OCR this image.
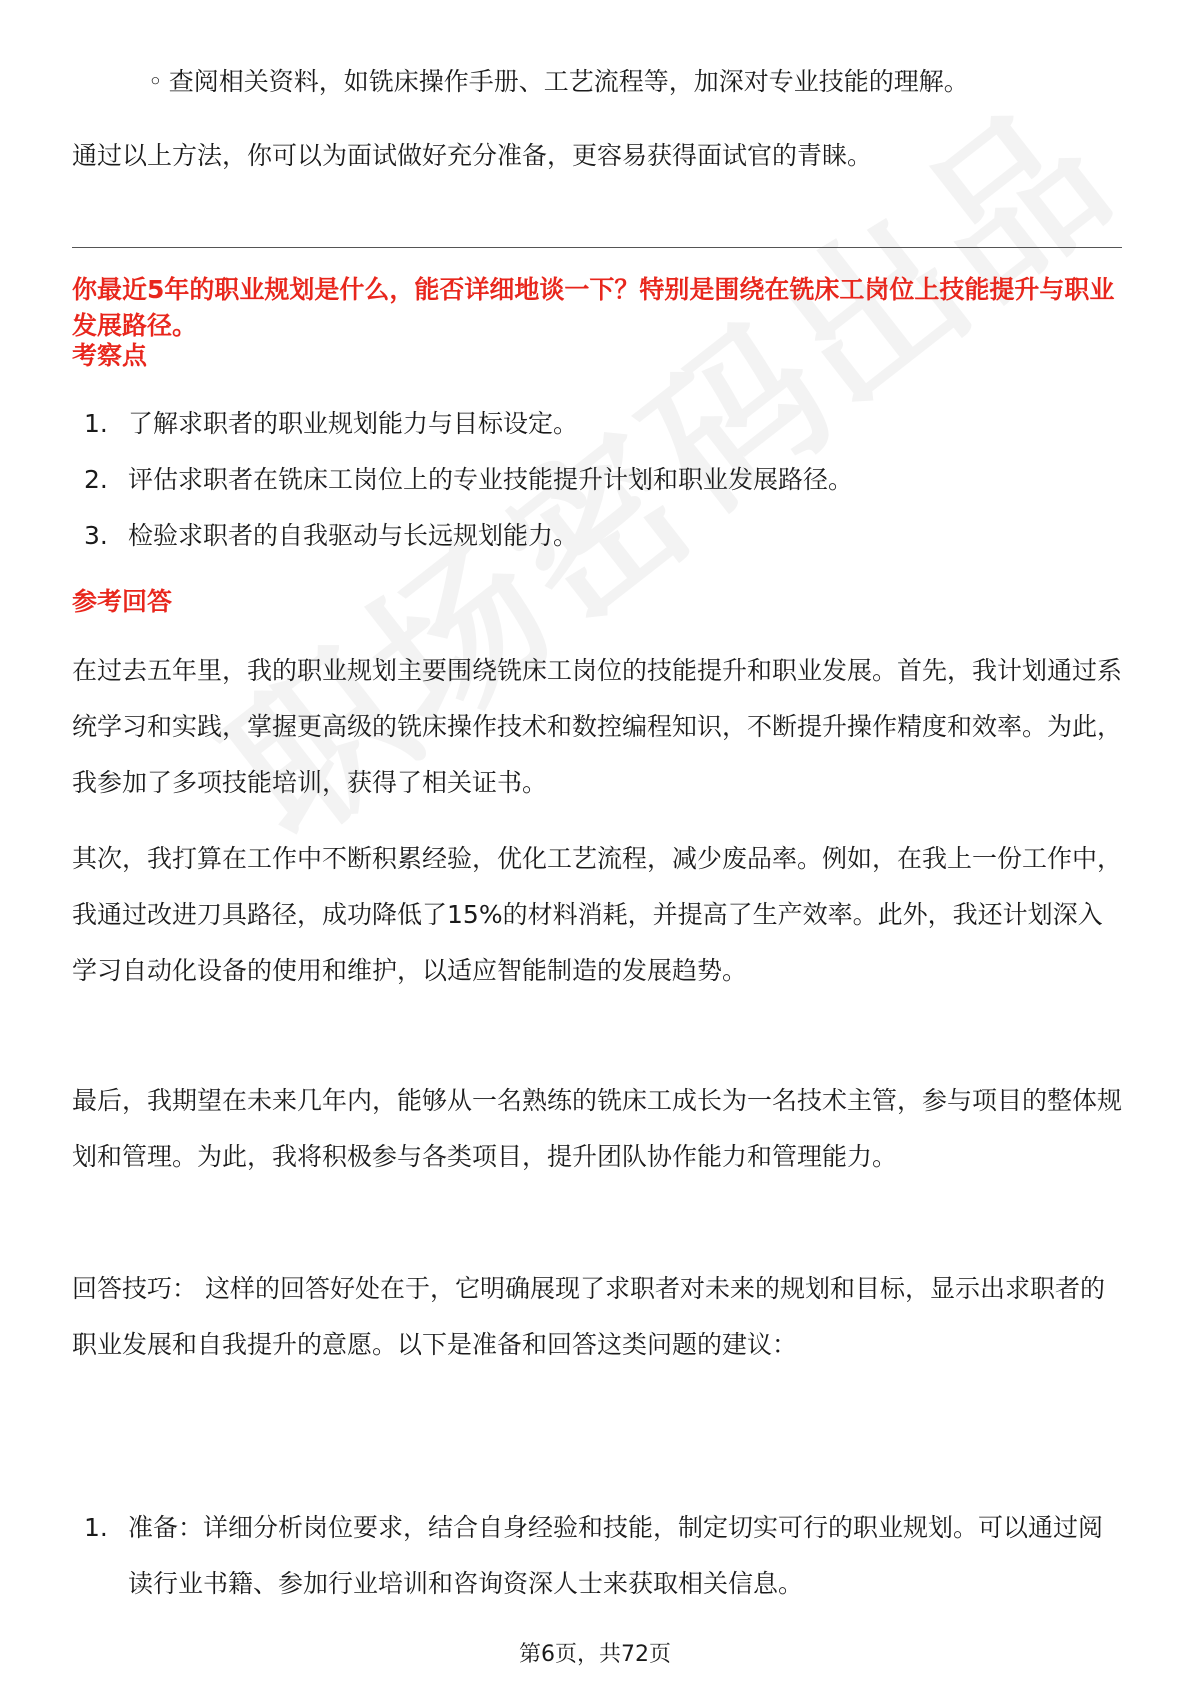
◦ 查阅相关资料，如铣床操作手册、工艺流程等，加深对专业技能的理解。
通过以上方法，你可以为面试做好充分准备，更容易获得面试官的青睐。
你最近5年的职业规划是什么，能否详细地谈一下？特别是围绕在铣床工岗位上技能提升与职业发展路径。
考察点
1. 了解求职者的职业规划能力与目标设定。
2. 评估求职者在铣床工岗位上的专业技能提升计划和职业发展路径。
3. 检验求职者的自我驱动与长远规划能力。
参考回答
在过去五年里，我的职业规划主要围绕铣床工岗位的技能提升和职业发展。首先，我计划通过系统学习和实践，掌握更高级的铣床操作技术和数控编程知识，不断提升操作精度和效率。为此，我参加了多项技能培训，获得了相关证书。
其次，我打算在工作中不断积累经验，优化工艺流程，减少废品率。例如，在我上一份工作中，我通过改进刀具路径，成功降低了15%的材料消耗，并提高了生产效率。此外，我还计划深入学习自动化设备的使用和维护，以适应智能制造的发展趋势。
最后，我期望在未来几年内，能够从一名熟练的铣床工成长为一名技术主管，参与项目的整体规划和管理。为此，我将积极参与各类项目，提升团队协作能力和管理能力。
回答技巧： 这样的回答好处在于，它明确展现了求职者对未来的规划和目标，显示出求职者的职业发展和自我提升的意愿。以下是准备和回答这类问题的建议：
1. 准备：详细分析岗位要求，结合自身经验和技能，制定切实可行的职业规划。可以通过阅读行业书籍、参加行业培训和咨询资深人士来获取相关信息。
第6页，共72页
